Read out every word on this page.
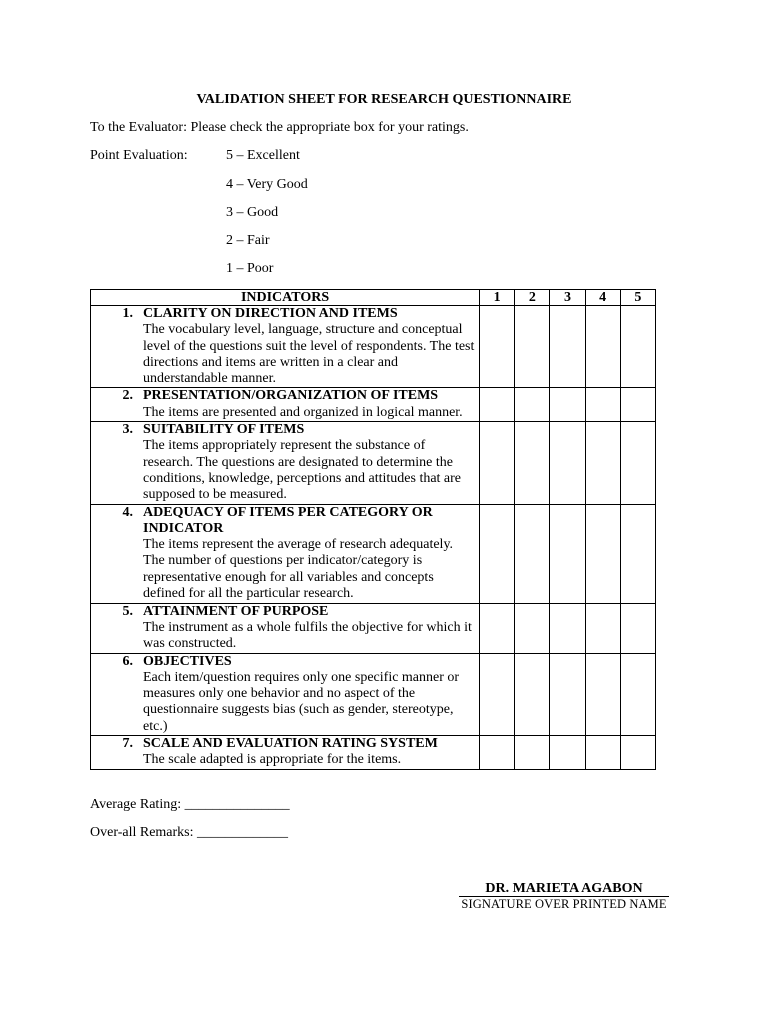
VALIDATION SHEET FOR RESEARCH QUESTIONNAIRE
To the Evaluator: Please check the appropriate box for your ratings.
Point Evaluation:	5 – Excellent
4 – Very Good
3 – Good
2 – Fair
1 – Poor
INDICATORS	1	2	3	4	5

1. CLARITY ON DIRECTION AND ITEMS
The vocabulary level, language, structure and conceptual level of the questions suit the level of respondents. The test directions and items are written in a clear and understandable manner.					

2. PRESENTATION/ORGANIZATION OF ITEMS
The items are presented and organized in logical manner.					

3. SUITABILITY OF ITEMS
The items appropriately represent the substance of research. The questions are designated to determine the conditions, knowledge, perceptions and attitudes that are supposed to be measured.					

4. ADEQUACY OF ITEMS PER CATEGORY OR INDICATOR
The items represent the average of research adequately. The number of questions per indicator/category is representative enough for all variables and concepts defined for all the particular research.					

5. ATTAINMENT OF PURPOSE
The instrument as a whole fulfils the objective for which it was constructed.					

6. OBJECTIVES
Each item/question requires only one specific manner or measures only one behavior and no aspect of the questionnaire suggests bias (such as gender, stereotype, etc.)					

7. SCALE AND EVALUATION RATING SYSTEM
The scale adapted is appropriate for the items.					

Average Rating: _______________
Over-all Remarks: _____________
DR. MARIETA AGABON
SIGNATURE OVER PRINTED NAME
